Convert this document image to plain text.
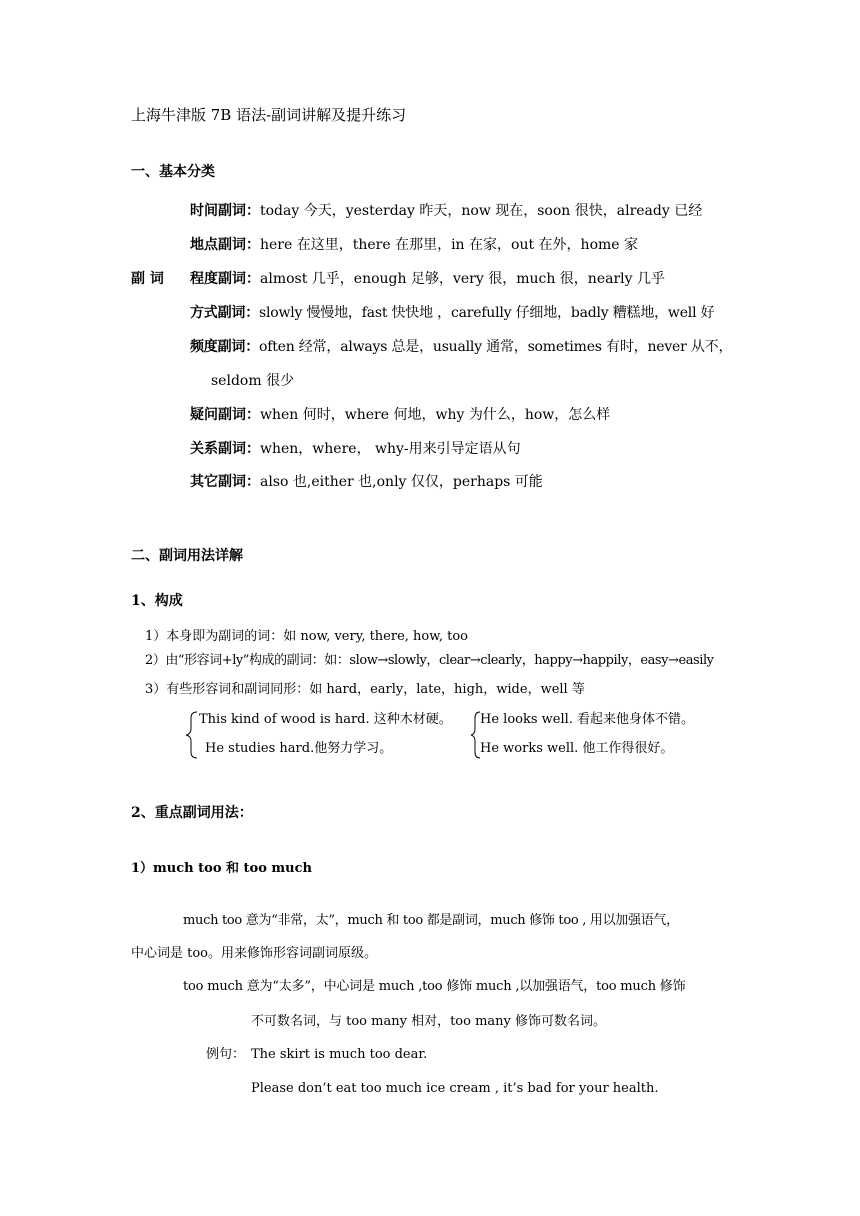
上海牛津版 7B 语法-副词讲解及提升练习
一、基本分类
副 词
时间副词：today 今天，yesterday 昨天，now 现在，soon 很快，already 已经
地点副词：here 在这里，there 在那里，in 在家，out 在外，home 家
程度副词：almost 几乎，enough 足够，very 很，much 很，nearly 几乎
方式副词：slowly 慢慢地，fast 快快地 ，carefully 仔细地，badly 糟糕地，well 好
频度副词：often 经常，always 总是，usually 通常，sometimes 有时，never 从不，
seldom 很少
疑问副词：when 何时，where 何地，why 为什么，how，怎么样
关系副词：when，where， why-用来引导定语从句
其它副词：also 也,either 也,only 仅仅，perhaps 可能
二、副词用法详解
1、构成
1）本身即为副词的词：如 now, very, there, how, too
2）由“形容词+ly”构成的副词：如：slow→slowly，clear→clearly，happy→happily，easy→easily
3）有些形容词和副词同形：如 hard，early，late，high，wide，well 等
This kind of wood is hard. 这种木材硬。
He studies hard.他努力学习。
He looks well. 看起来他身体不错。
He works well. 他工作得很好。
2、重点副词用法：
1）much too 和 too much
much too 意为“非常，太”，much 和 too 都是副词，much 修饰 too , 用以加强语气，
中心词是 too。用来修饰形容词副词原级。
too much 意为“太多”，中心词是 much ,too 修饰 much ,以加强语气，too much 修饰
不可数名词，与 too many 相对，too many 修饰可数名词。
例句： The skirt is much too dear.
Please don’t eat too much ice cream , it’s bad for your health.
